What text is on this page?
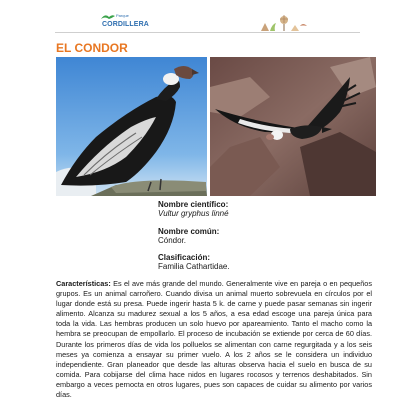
Parque
CORDILLERA
EL CONDOR
Nombre científico:
Vultur gryphus linné
Nombre común:
Cóndor.
Clasificación:
Familia Cathartidae.
Características: Es el ave más grande del mundo. Generalmente vive en pareja o en pequeños grupos. Es un animal carroñero. Cuando divisa un animal muerto sobrevuela en círculos por el lugar donde está su presa. Puede ingerir hasta 5 k. de carne y puede pasar semanas sin ingerir alimento. Alcanza su madurez sexual a los 5 años, a esa edad escoge una pareja única para toda la vida. Las hembras producen un solo huevo por apareamiento. Tanto el macho como la hembra se preocupan de empollarlo. El proceso de incubación se extiende por cerca de 60 días. Durante los primeros días de vida los polluelos se alimentan con carne regurgitada y a los seis meses ya comienza a ensayar su primer vuelo. A los 2 años se le considera un individuo independiente. Gran planeador que desde las alturas observa hacia el suelo en busca de su comida. Para cobijarse del clima hace nidos en lugares rocosos y terrenos deshabitados. Sin embargo a veces pernocta en otros lugares, pues son capaces de cuidar su alimento por varios días.
